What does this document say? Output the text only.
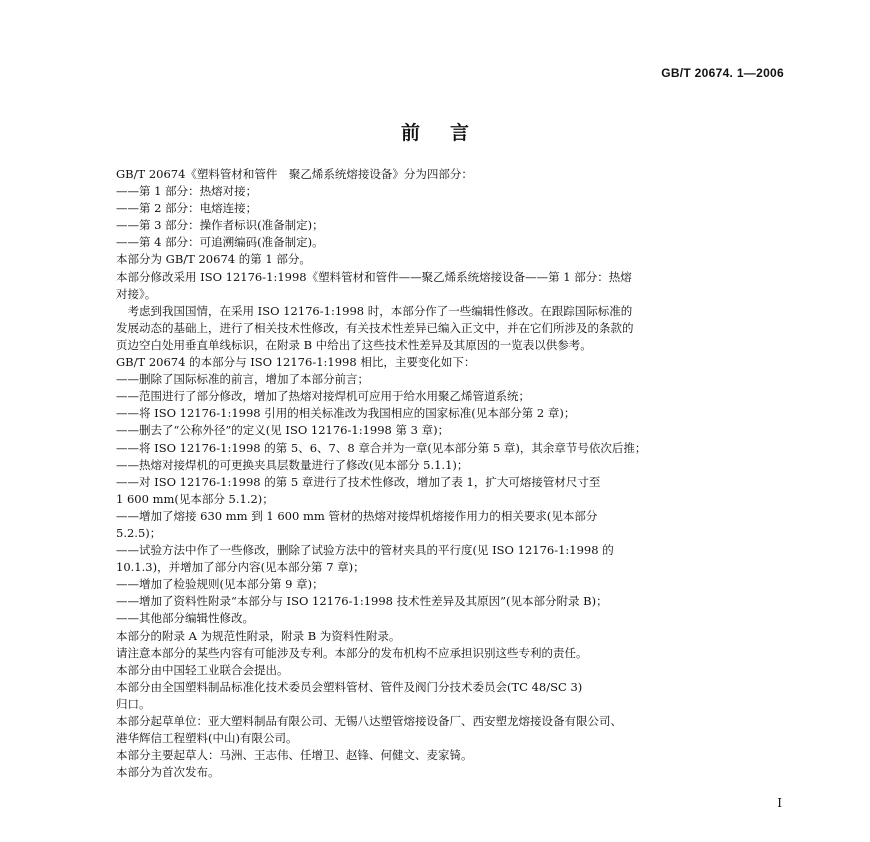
GB/T 20674. 1—2006
前言
GB/T 20674《塑料管材和管件　聚乙烯系统熔接设备》分为四部分：
——第 1 部分：热熔对接；
——第 2 部分：电熔连接；
——第 3 部分：操作者标识(准备制定)；
——第 4 部分：可追溯编码(准备制定)。
本部分为 GB/T 20674 的第 1 部分。
本部分修改采用 ISO 12176-1:1998《塑料管材和管件——聚乙烯系统熔接设备——第 1 部分：热熔
对接》。
　考虑到我国国情，在采用 ISO 12176-1:1998 时，本部分作了一些编辑性修改。在跟踪国际标准的
发展动态的基础上，进行了相关技术性修改，有关技术性差异已编入正文中，并在它们所涉及的条款的
页边空白处用垂直单线标识，在附录 B 中给出了这些技术性差异及其原因的一览表以供参考。
GB/T 20674 的本部分与 ISO 12176-1:1998 相比，主要变化如下：
——删除了国际标准的前言，增加了本部分前言；
——范围进行了部分修改，增加了热熔对接焊机可应用于给水用聚乙烯管道系统；
——将 ISO 12176-1:1998 引用的相关标准改为我国相应的国家标准(见本部分第 2 章)；
——删去了“公称外径”的定义(见 ISO 12176-1:1998 第 3 章)；
——将 ISO 12176-1:1998 的第 5、6、7、8 章合并为一章(见本部分第 5 章)，其余章节号依次后推；
——热熔对接焊机的可更换夹具层数量进行了修改(见本部分 5.1.1)；
——对 ISO 12176-1:1998 的第 5 章进行了技术性修改，增加了表 1，扩大可熔接管材尺寸至
1 600 mm(见本部分 5.1.2)；
——增加了熔接 630 mm 到 1 600 mm 管材的热熔对接焊机熔接作用力的相关要求(见本部分
5.2.5)；
——试验方法中作了一些修改，删除了试验方法中的管材夹具的平行度(见 ISO 12176-1:1998 的
10.1.3)，并增加了部分内容(见本部分第 7 章)；
——增加了检验规则(见本部分第 9 章)；
——增加了资料性附录“本部分与 ISO 12176-1:1998 技术性差异及其原因”(见本部分附录 B)；
——其他部分编辑性修改。
本部分的附录 A 为规范性附录，附录 B 为资料性附录。
请注意本部分的某些内容有可能涉及专利。本部分的发布机构不应承担识别这些专利的责任。
本部分由中国轻工业联合会提出。
本部分由全国塑料制品标准化技术委员会塑料管材、管件及阀门分技术委员会(TC 48/SC 3)
归口。
本部分起草单位：亚大塑料制品有限公司、无锡八达塑管熔接设备厂、西安塑龙熔接设备有限公司、
港华辉信工程塑料(中山)有限公司。
本部分主要起草人：马洲、王志伟、任增卫、赵锋、何健文、麦家锜。
本部分为首次发布。
I
